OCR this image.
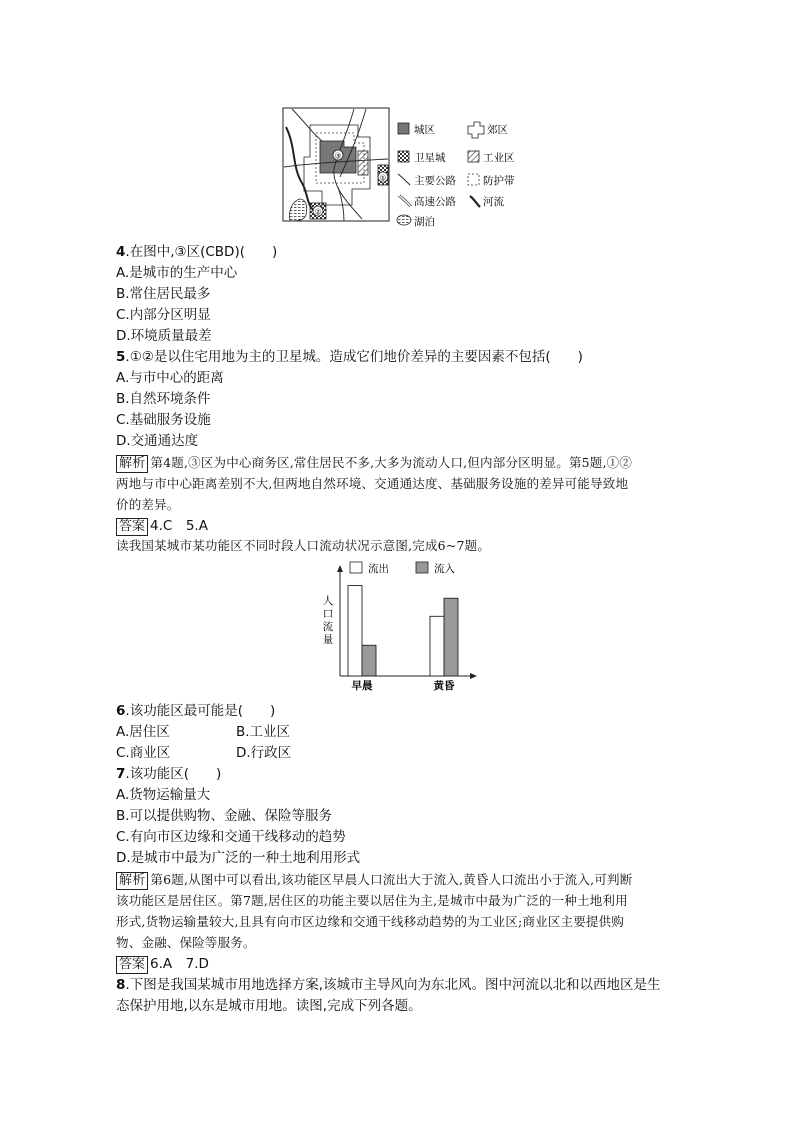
③
①
②
城区	郊区
卫星城	工业区
主要公路	防护带
高速公路	河流
湖泊
4.在图中,③区(CBD)(　　)
A.是城市的生产中心
B.常住居民最多
C.内部分区明显
D.环境质量最差
5.①②是以住宅用地为主的卫星城。造成它们地价差异的主要因素不包括(　　)
A.与市中心的距离
B.自然环境条件
C.基础服务设施
D.交通通达度
解析 第4题,③区为中心商务区,常住居民不多,大多为流动人口,但内部分区明显。第5题,①②
两地与市中心距离差别不大,但两地自然环境、交通通达度、基础服务设施的差异可能导致地
价的差异。
答案 4.C　5.A
读我国某城市某功能区不同时段人口流动状况示意图,完成6~7题。
早晨	黄昏
流出	流入
人口流量
6.该功能区最可能是(　　)
A.居住区	B.工业区
C.商业区	D.行政区
7.该功能区(　　)
A.货物运输量大
B.可以提供购物、金融、保险等服务
C.有向市区边缘和交通干线移动的趋势
D.是城市中最为广泛的一种土地利用形式
解析 第6题,从图中可以看出,该功能区早晨人口流出大于流入,黄昏人口流出小于流入,可判断
该功能区是居住区。第7题,居住区的功能主要以居住为主,是城市中最为广泛的一种土地利用
形式,货物运输量较大,且具有向市区边缘和交通干线移动趋势的为工业区;商业区主要提供购
物、金融、保险等服务。
答案 6.A　7.D
8.下图是我国某城市用地选择方案,该城市主导风向为东北风。图中河流以北和以西地区是生
态保护用地,以东是城市用地。读图,完成下列各题。
